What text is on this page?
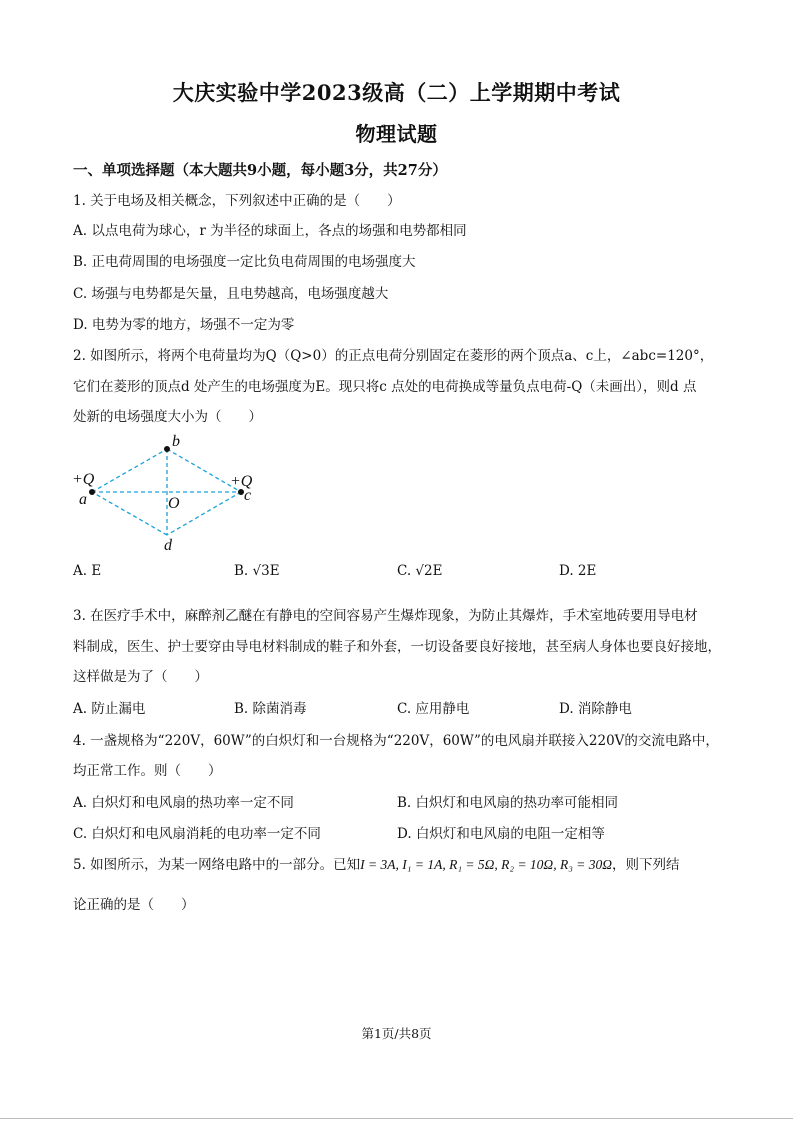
大庆实验中学2023级高（二）上学期期中考试
物理试题
一、单项选择题（本大题共9小题，每小题3分，共27分）
1. 关于电场及相关概念，下列叙述中正确的是（　　）
A. 以点电荷为球心，r 为半径的球面上，各点的场强和电势都相同
B. 正电荷周围的电场强度一定比负电荷周围的电场强度大
C. 场强与电势都是矢量，且电势越高，电场强度越大
D. 电势为零的地方，场强不一定为零
2. 如图所示，将两个电荷量均为Q（Q>0）的正点电荷分别固定在菱形的两个顶点a、c上，∠abc=120°，
它们在菱形的顶点d 处产生的电场强度为E。现只将c 点处的电荷换成等量负点电荷-Q（未画出），则d 点
处新的电场强度大小为（　　）
b
a	c
d
O
+Q	+Q
A. E	B. √3E	C. √2E	D. 2E
3. 在医疗手术中，麻醉剂乙醚在有静电的空间容易产生爆炸现象，为防止其爆炸，手术室地砖要用导电材
料制成，医生、护士要穿由导电材料制成的鞋子和外套，一切设备要良好接地，甚至病人身体也要良好接地，
这样做是为了（　　）
A. 防止漏电	B. 除菌消毒	C. 应用静电	D. 消除静电
4. 一盏规格为“220V，60W”的白炽灯和一台规格为“220V，60W”的电风扇并联接入220V的交流电路中，
均正常工作。则（　　）
A. 白炽灯和电风扇的热功率一定不同	B. 白炽灯和电风扇的热功率可能相同
C. 白炽灯和电风扇消耗的电功率一定不同	D. 白炽灯和电风扇的电阻一定相等
5. 如图所示，为某一网络电路中的一部分。已知I = 3A, I₁ = 1A, R₁ = 5Ω, R₂ = 10Ω, R₃ = 30Ω，则下列结
论正确的是（　　）
第1页/共8页
